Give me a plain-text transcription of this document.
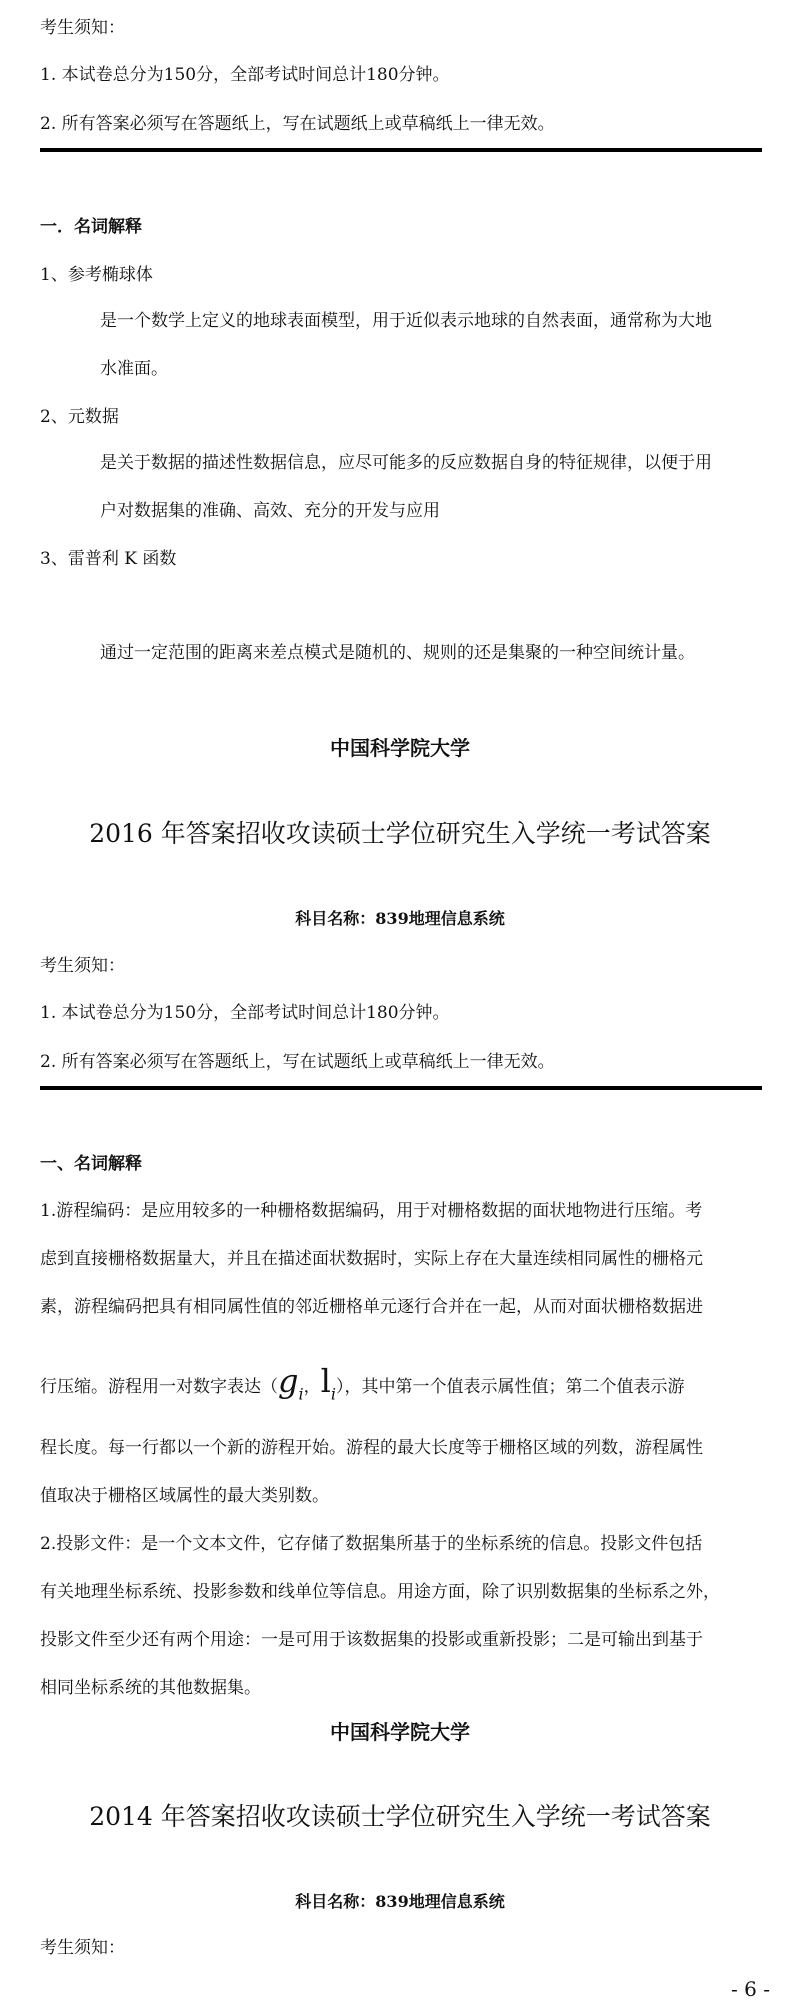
考生须知：
1. 本试卷总分为150分，全部考试时间总计180分钟。
2. 所有答案必须写在答题纸上，写在试题纸上或草稿纸上一律无效。
一．名词解释
1、参考椭球体
是一个数学上定义的地球表面模型，用于近似表示地球的自然表面，通常称为大地
水准面。
2、元数据
是关于数据的描述性数据信息，应尽可能多的反应数据自身的特征规律，以便于用
户对数据集的准确、高效、充分的开发与应用
3、雷普利 K 函数
通过一定范围的距离来差点模式是随机的、规则的还是集聚的一种空间统计量。
中国科学院大学
2016 年答案招收攻读硕士学位研究生入学统一考试答案
科目名称：839地理信息系统
考生须知：
1. 本试卷总分为150分，全部考试时间总计180分钟。
2. 所有答案必须写在答题纸上，写在试题纸上或草稿纸上一律无效。
一、名词解释
1.游程编码：是应用较多的一种栅格数据编码，用于对栅格数据的面状地物进行压缩。考
虑到直接栅格数据量大，并且在描述面状数据时，实际上存在大量连续相同属性的栅格元
素，游程编码把具有相同属性值的邻近栅格单元逐行合并在一起，从而对面状栅格数据进
行压缩。游程用一对数字表达（$g_i$，$l_i$），其中第一个值表示属性值；第二个值表示游
程长度。每一行都以一个新的游程开始。游程的最大长度等于栅格区域的列数，游程属性
值取决于栅格区域属性的最大类别数。
2.投影文件：是一个文本文件，它存储了数据集所基于的坐标系统的信息。投影文件包括
有关地理坐标系统、投影参数和线单位等信息。用途方面，除了识别数据集的坐标系之外，
投影文件至少还有两个用途：一是可用于该数据集的投影或重新投影；二是可输出到基于
相同坐标系统的其他数据集。
中国科学院大学
2014 年答案招收攻读硕士学位研究生入学统一考试答案
科目名称：839地理信息系统
考生须知：
- 6 -
